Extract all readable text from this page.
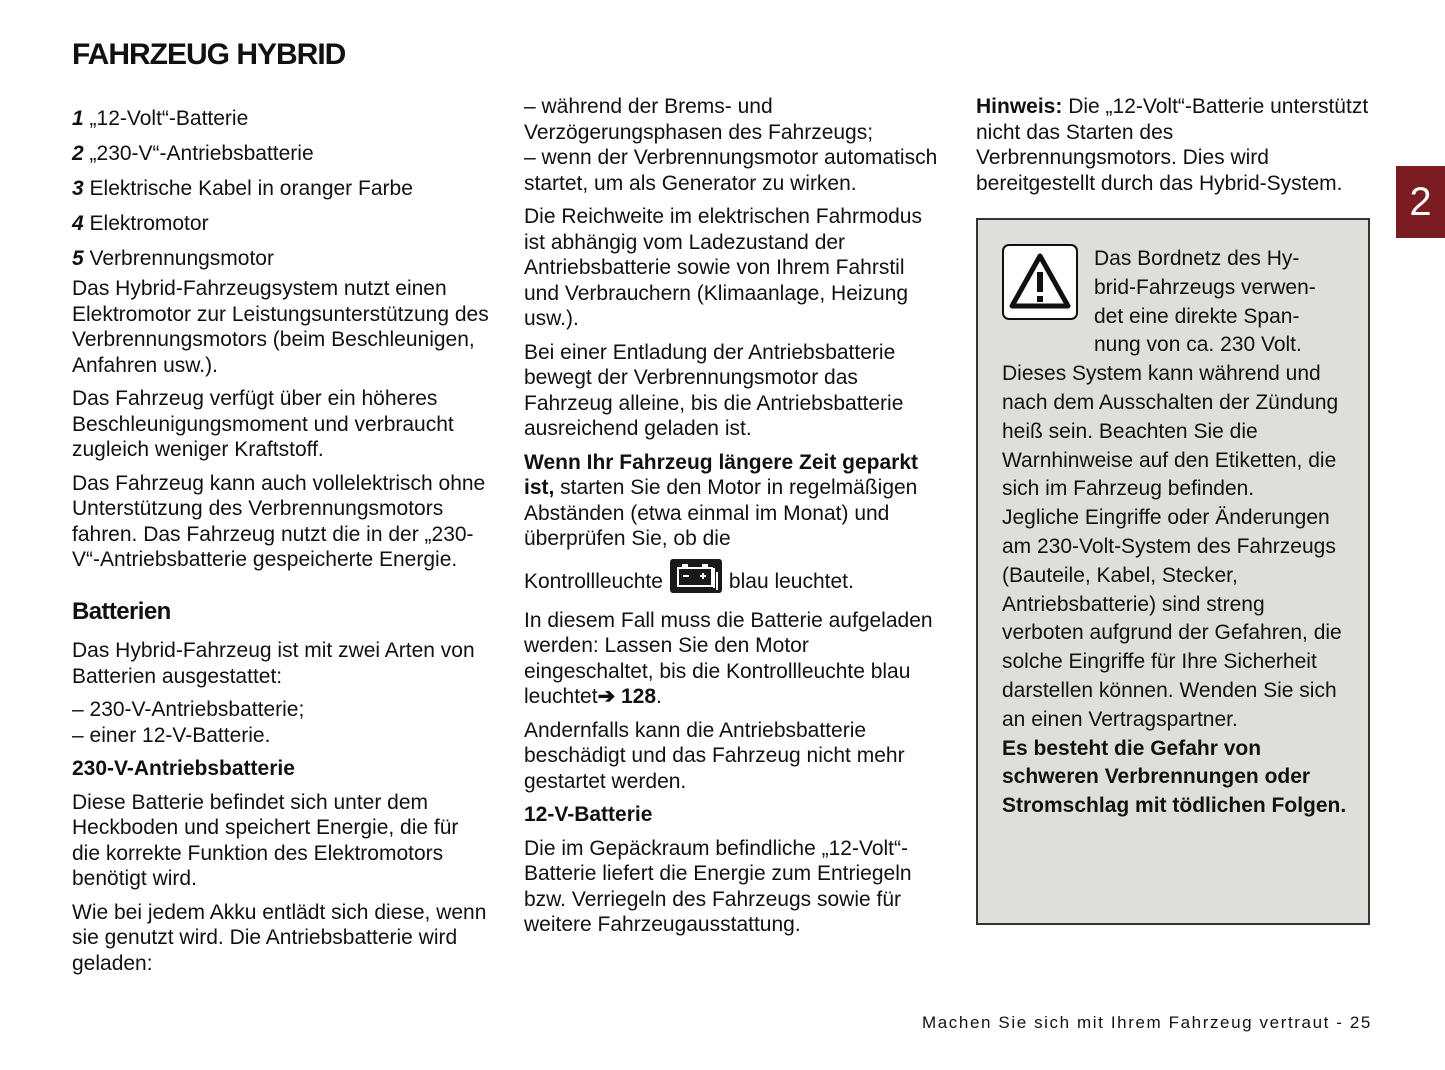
FAHRZEUG HYBRID
2
1 „12-Volt“-Batterie
2 „230-V“-Antriebsbatterie
3 Elektrische Kabel in oranger Farbe
4 Elektromotor
5 Verbrennungsmotor

Das Hybrid-Fahrzeugsystem nutzt einen Elektromotor zur Leistungsunterstützung des Verbrennungsmotors (beim Beschleunigen, Anfahren usw.).

Das Fahrzeug verfügt über ein höheres Beschleunigungsmoment und verbraucht zugleich weniger Kraftstoff.

Das Fahrzeug kann auch vollelektrisch ohne Unterstützung des Verbrennungsmotors fahren. Das Fahrzeug nutzt die in der „230-V“-Antriebsbatterie gespeicherte Energie.

Batterien

Das Hybrid-Fahrzeug ist mit zwei Arten von Batterien ausgestattet:

– 230-V-Antriebsbatterie;

– einer 12-V-Batterie.

230-V-Antriebsbatterie

Diese Batterie befindet sich unter dem Heckboden und speichert Energie, die für die korrekte Funktion des Elektromotors benötigt wird.

Wie bei jedem Akku entlädt sich diese, wenn sie genutzt wird. Die Antriebsbatterie wird geladen:

– während der Brems- und Verzögerungsphasen des Fahrzeugs;

– wenn der Verbrennungsmotor automatisch startet, um als Generator zu wirken.

Die Reichweite im elektrischen Fahrmodus ist abhängig vom Ladezustand der Antriebsbatterie sowie von Ihrem Fahrstil und Verbrauchern (Klimaanlage, Heizung usw.).

Bei einer Entladung der Antriebsbatterie bewegt der Verbrennungsmotor das Fahrzeug alleine, bis die Antriebsbatterie ausreichend geladen ist.

Wenn Ihr Fahrzeug längere Zeit geparkt ist, starten Sie den Motor in regelmäßigen Abständen (etwa einmal im Monat) und überprüfen Sie, ob die

Kontrollleuchte	blau leuchtet.

In diesem Fall muss die Batterie aufgeladen werden: Lassen Sie den Motor eingeschaltet, bis die Kontrollleuchte blau leuchtet➔ 128.

Andernfalls kann die Antriebsbatterie beschädigt und das Fahrzeug nicht mehr gestartet werden.

12-V-Batterie

Die im Gepäckraum befindliche „12-Volt“-Batterie liefert die Energie zum Entriegeln bzw. Verriegeln des Fahrzeugs sowie für weitere Fahrzeugausstattung.

Hinweis: Die „12-Volt“-Batterie unterstützt nicht das Starten des Verbrennungsmotors. Dies wird bereitgestellt durch das Hybrid-System.

Das Bordnetz des Hy-

brid-Fahrzeugs verwen-

det eine direkte Span-

nung von ca. 230 Volt.

Dieses System kann während und nach dem Ausschalten der Zündung heiß sein. Beachten Sie die Warnhinweise auf den Etiketten, die sich im Fahrzeug befinden.

Jegliche Eingriffe oder Änderungen am 230-Volt-System des Fahrzeugs (Bauteile, Kabel, Stecker, Antriebsbatterie) sind streng verboten aufgrund der Gefahren, die solche Eingriffe für Ihre Sicherheit darstellen können. Wenden Sie sich an einen Vertragspartner.

Es besteht die Gefahr von schweren Verbrennungen oder Stromschlag mit tödlichen Folgen.

Machen Sie sich mit Ihrem Fahrzeug vertraut - 25
